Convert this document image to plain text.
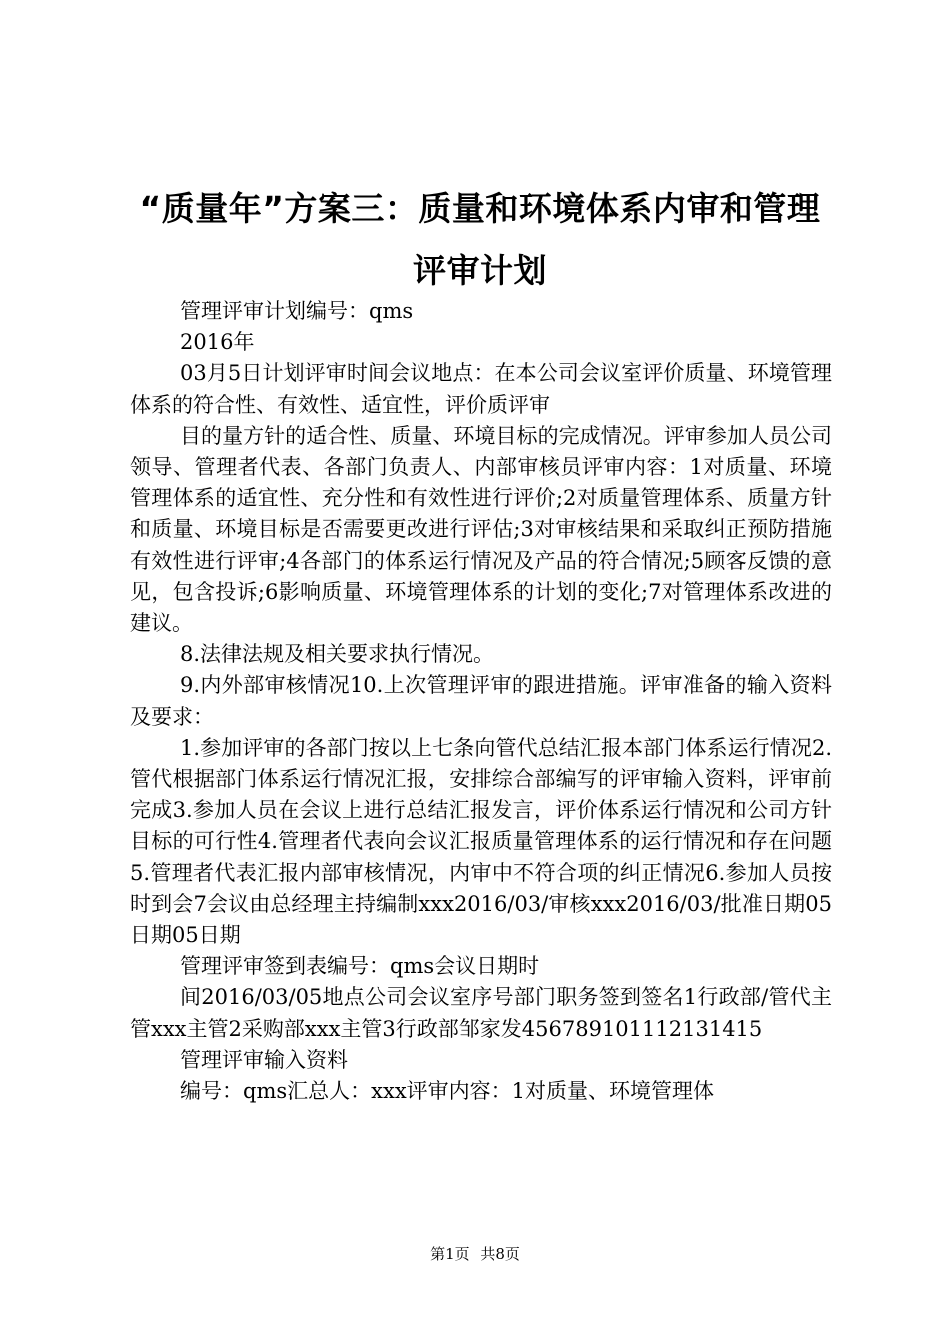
“质量年”方案三：质量和环境体系内审和管理评审计划

管理评审计划编号：qms

2016年

03月5日计划评审时间会议地点：在本公司会议室评价质量、环境管理体系的符合性、有效性、适宜性，评价质评审

目的量方针的适合性、质量、环境目标的完成情况。评审参加人员公司领导、管理者代表、各部门负责人、内部审核员评审内容：1对质量、环境管理体系的适宜性、充分性和有效性进行评价;2对质量管理体系、质量方针和质量、环境目标是否需要更改进行评估;3对审核结果和采取纠正预防措施有效性进行评审;4各部门的体系运行情况及产品的符合情况;5顾客反馈的意见，包含投诉;6影响质量、环境管理体系的计划的变化;7对管理体系改进的建议。

8.法律法规及相关要求执行情况。

9.内外部审核情况10.上次管理评审的跟进措施。评审准备的输入资料及要求：

1.参加评审的各部门按以上七条向管代总结汇报本部门体系运行情况2.管代根据部门体系运行情况汇报，安排综合部编写的评审输入资料，评审前完成3.参加人员在会议上进行总结汇报发言，评价体系运行情况和公司方针目标的可行性4.管理者代表向会议汇报质量管理体系的运行情况和存在问题5.管理者代表汇报内部审核情况，内审中不符合项的纠正情况6.参加人员按时到会7会议由总经理主持编制xxx2016/03/审核xxx2016/03/批准日期05日期05日期

管理评审签到表编号：qms会议日期时

间2016/03/05地点公司会议室序号部门职务签到签名1行政部/管代主管xxx主管2采购部xxx主管3行政部邹家发456789101112131415

管理评审输入资料

编号：qms汇总人：xxx评审内容：1对质量、环境管理体

第1页 共8页
